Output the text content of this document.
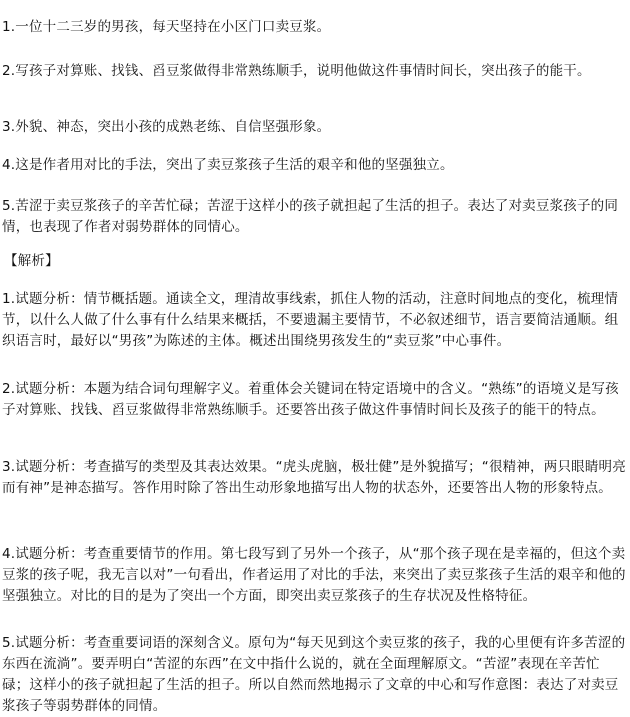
1.一位十二三岁的男孩，每天坚持在小区门口卖豆浆。
2.写孩子对算账、找钱、舀豆浆做得非常熟练顺手，说明他做这件事情时间长，突出孩子的能干。
3.外貌、神态，突出小孩的成熟老练、自信坚强形象。
4.这是作者用对比的手法，突出了卖豆浆孩子生活的艰辛和他的坚强独立。
5.苦涩于卖豆浆孩子的辛苦忙碌；苦涩于这样小的孩子就担起了生活的担子。表达了对卖豆浆孩子的同情，也表现了作者对弱势群体的同情心。
【解析】
1.试题分析：情节概括题。通读全文，理清故事线索，抓住人物的活动，注意时间地点的变化，梳理情节，以什么人做了什么事有什么结果来概括，不要遗漏主要情节，不必叙述细节，语言要简洁通顺。组织语言时，最好以“男孩”为陈述的主体。概述出围绕男孩发生的“卖豆浆”中心事件。
2.试题分析：本题为结合词句理解字义。着重体会关键词在特定语境中的含义。“熟练”的语境义是写孩子对算账、找钱、舀豆浆做得非常熟练顺手。还要答出孩子做这件事情时间长及孩子的能干的特点。
3.试题分析：考查描写的类型及其表达效果。“虎头虎脑，极壮健”是外貌描写；“很精神，两只眼睛明亮而有神”是神态描写。答作用时除了答出生动形象地描写出人物的状态外，还要答出人物的形象特点。
4.试题分析：考查重要情节的作用。第七段写到了另外一个孩子，从“那个孩子现在是幸福的，但这个卖豆浆的孩子呢，我无言以对”一句看出，作者运用了对比的手法，来突出了卖豆浆孩子生活的艰辛和他的坚强独立。对比的目的是为了突出一个方面，即突出卖豆浆孩子的生存状况及性格特征。
5.试题分析：考查重要词语的深刻含义。原句为“每天见到这个卖豆浆的孩子，我的心里便有许多苦涩的东西在流淌”。要弄明白“苦涩的东西”在文中指什么说的，就在全面理解原文。“苦涩”表现在辛苦忙碌；这样小的孩子就担起了生活的担子。所以自然而然地揭示了文章的中心和写作意图：表达了对卖豆浆孩子等弱势群体的同情。
